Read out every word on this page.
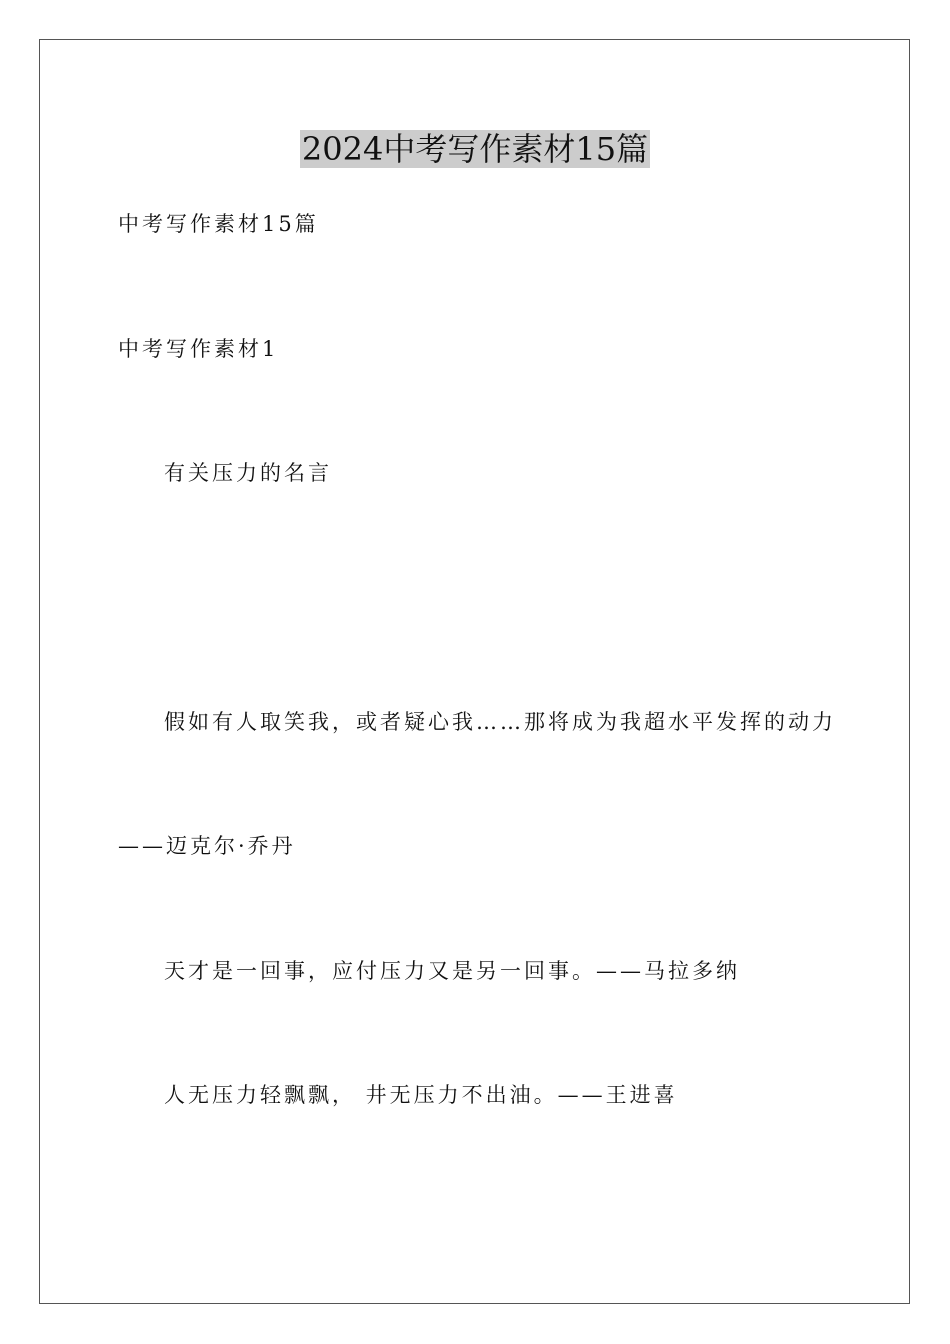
2024中考写作素材15篇

中考写作素材15篇

中考写作素材1

有关压力的名言

假如有人取笑我，或者疑心我……那将成为我超水平发挥的动力

——迈克尔·乔丹

天才是一回事，应付压力又是另一回事。——马拉多纳

人无压力轻飘飘， 井无压力不出油。——王进喜
